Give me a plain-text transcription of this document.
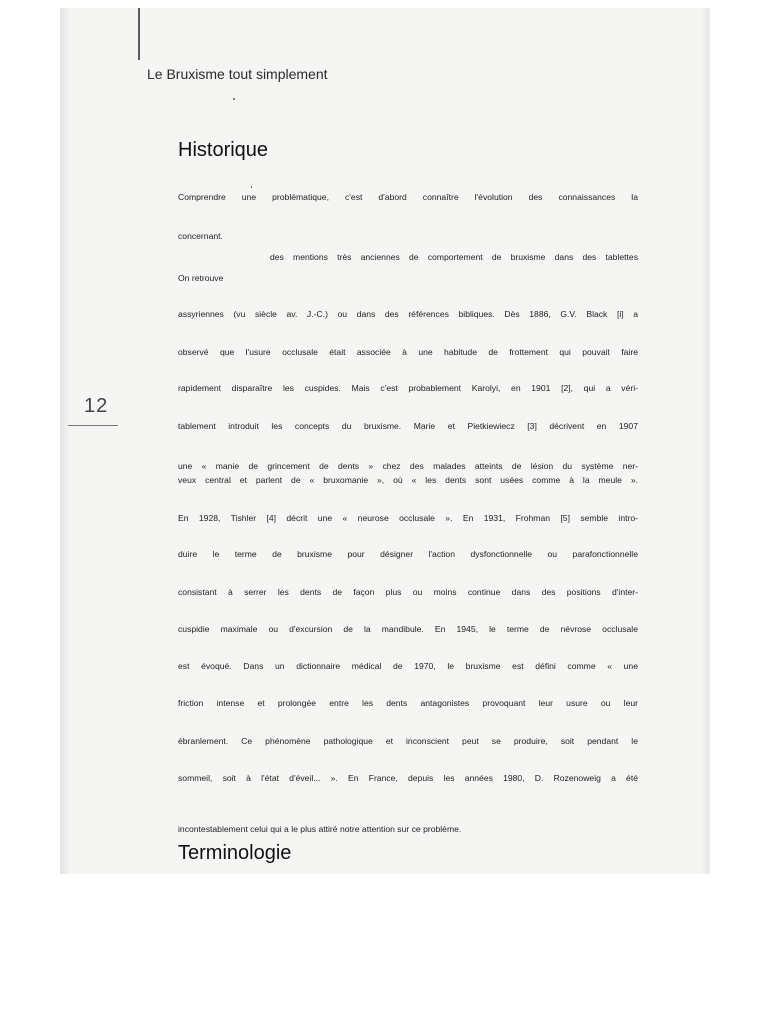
Le Bruxisme tout simplement
12
Historique
Comprendre une problématique, c'est d'abord connaître l'évolution des connaissances la
concernant.
des mentions très anciennes de comportement de bruxisme dans des tablettes
On retrouve
assyriennes (vu siècle av. J.-C.) ou dans des références bibliques. Dès 1886, G.V. Black [i] a
observé que l'usure occlusale était associée à une habitude de frottement qui pouvait faire
rapidement disparaître les cuspides. Mais c'est probablement Karolyi, en 1901 [2], qui a véri-
tablement introduit les concepts du bruxisme. Marie et Pietkiewiecz [3] décrivent en 1907
une « manie de grincement de dents » chez des malades atteints de lésion du système ner-
veux central et parlent de « bruxomanie », où « les dents sont usées comme à la meule ».
En 1928, Tishler [4] décrit une « neurose occlusale ». En 1931, Frohman [5] semble intro-
duire le terme de bruxisme pour désigner l'action dysfonctionnelle ou parafonctionnelle
consistant à serrer les dents de façon plus ou moins continue dans des positions d'inter-
cuspidie maximale ou d'excursion de la mandibule. En 1945, le terme de névrose occlusale
est évoqué. Dans un dictionnaire médical de 1970, le bruxisme est défini comme « une
friction intense et prolongée entre les dents antagonistes provoquant leur usure ou leur
ébranlement. Ce phénomène pathologique et inconscient peut se produire, soit pendant le
sommeil, soit à l'état d'éveil... ». En France, depuis les années 1980, D. Rozenoweig a été
incontestablement celui qui a le plus attiré notre attention sur ce problème.
Terminologie
